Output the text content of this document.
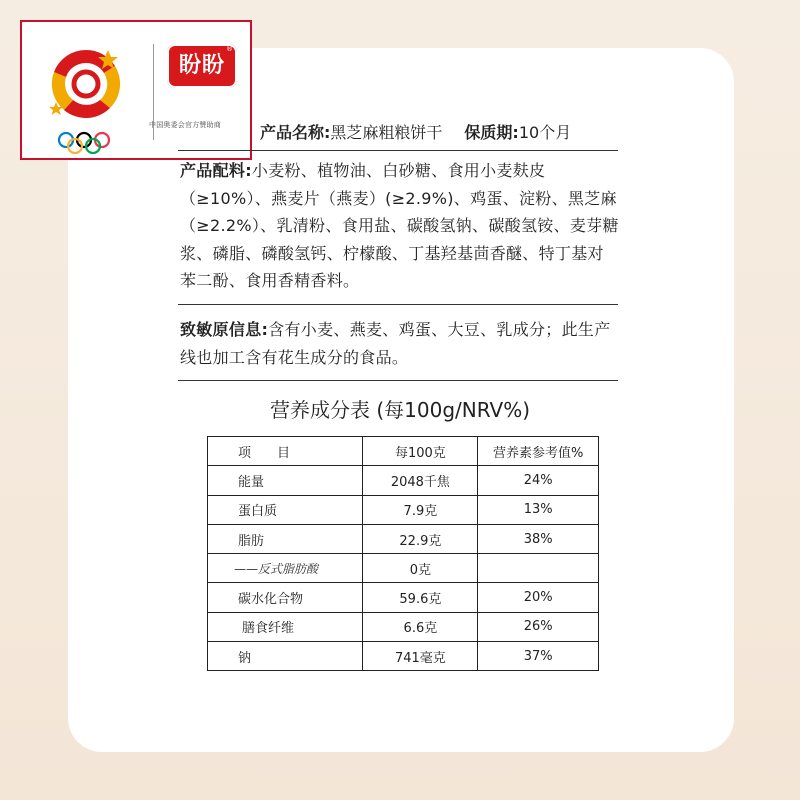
盼盼
®
中国奥委会官方赞助商	产品名称:黑芝麻粗粮饼干 保质期:10个月
产品配料:小麦粉、植物油、白砂糖、食用小麦麸皮（≥10%）、燕麦片（燕麦）(≥2.9%)、鸡蛋、淀粉、黑芝麻（≥2.2%）、乳清粉、食用盐、碳酸氢钠、碳酸氢铵、麦芽糖浆、磷脂、磷酸氢钙、柠檬酸、丁基羟基茴香醚、特丁基对苯二酚、食用香精香料。
致敏原信息:含有小麦、燕麦、鸡蛋、大豆、乳成分；此生产线也加工含有花生成分的食品。
营养成分表 (每100g/NRV%)
项　　目	每100克	营养素参考值%
能量	2048千焦	24%
蛋白质	7.9克	13%
脂肪	22.9克	38%
——反式脂肪酸	0克	
碳水化合物	59.6克	20%
膳食纤维	6.6克	26%
钠	741毫克	37%
